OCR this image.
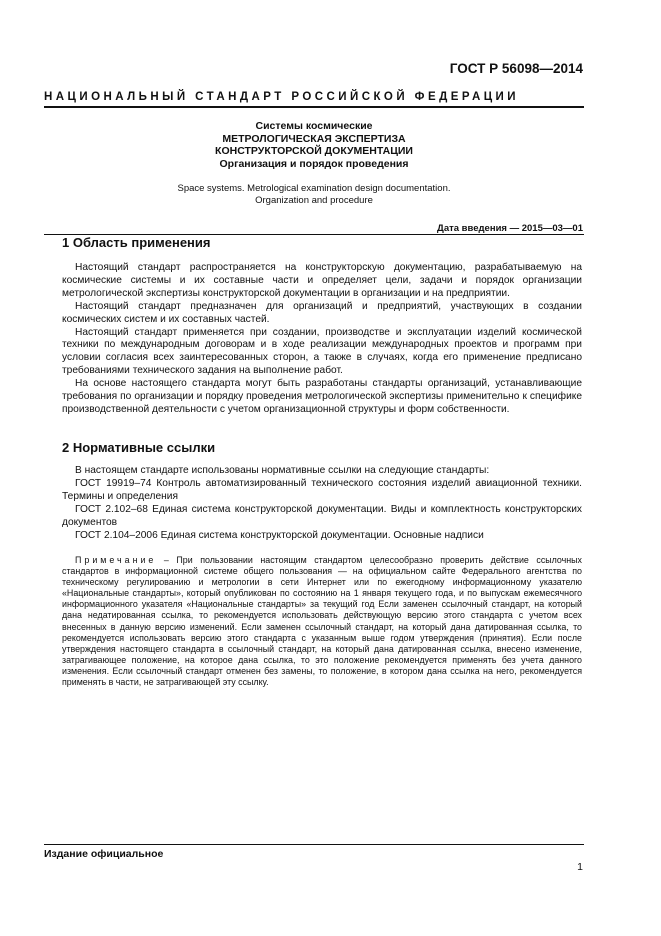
ГОСТ Р 56098—2014
НАЦИОНАЛЬНЫЙ СТАНДАРТ РОССИЙСКОЙ ФЕДЕРАЦИИ
Системы космические
МЕТРОЛОГИЧЕСКАЯ ЭКСПЕРТИЗА
КОНСТРУКТОРСКОЙ ДОКУМЕНТАЦИИ
Организация и порядок проведения
Space systems. Metrological examination design documentation.
Organization and procedure
Дата введения — 2015—03—01
1 Область применения

Настоящий стандарт распространяется на конструкторскую документацию, разрабатываемую на космические системы и их составные части и определяет цели, задачи и порядок организации метрологической экспертизы конструкторской документации в организации и на предприятии.

Настоящий стандарт предназначен для организаций и предприятий, участвующих в создании космических систем и их составных частей.

Настоящий стандарт применяется при создании, производстве и эксплуатации изделий космической техники по международным договорам и в ходе реализации международных проектов и программ при условии согласия всех заинтересованных сторон, а также в случаях, когда его применение предписано требованиями технического задания на выполнение работ.

На основе настоящего стандарта могут быть разработаны стандарты организаций, устанавливающие требования по организации и порядку проведения метрологической экспертизы применительно к специфике производственной деятельности с учетом организационной структуры и форм собственности.

2 Нормативные ссылки

В настоящем стандарте использованы нормативные ссылки на следующие стандарты:

ГОСТ 19919–74 Контроль автоматизированный технического состояния изделий авиационной техники. Термины и определения

ГОСТ 2.102–68 Единая система конструкторской документации. Виды и комплектность конструкторских документов

ГОСТ 2.104–2006 Единая система конструкторской документации. Основные надписи

Примечание – При пользовании настоящим стандартом целесообразно проверить действие ссылочных стандартов в информационной системе общего пользования — на официальном сайте Федерального агентства по техническому регулированию и метрологии в сети Интернет или по ежегодному информационному указателю «Национальные стандарты», который опубликован по состоянию на 1 января текущего года, и по выпускам ежемесячного информационного указателя «Национальные стандарты» за текущий год Если заменен ссылочный стандарт, на который дана недатированная ссылка, то рекомендуется использовать действующую версию этого стандарта с учетом всех внесенных в данную версию изменений. Если заменен ссылочный стандарт, на который дана датированная ссылка, то рекомендуется использовать версию этого стандарта с указанным выше годом утверждения (принятия). Если после утверждения настоящего стандарта в ссылочный стандарт, на который дана датированная ссылка, внесено изменение, затрагивающее положение, на которое дана ссылка, то это положение рекомендуется применять без учета данного изменения. Если ссылочный стандарт отменен без замены, то положение, в котором дана ссылка на него, рекомендуется применять в части, не затрагивающей эту ссылку.

Издание официальное
1
